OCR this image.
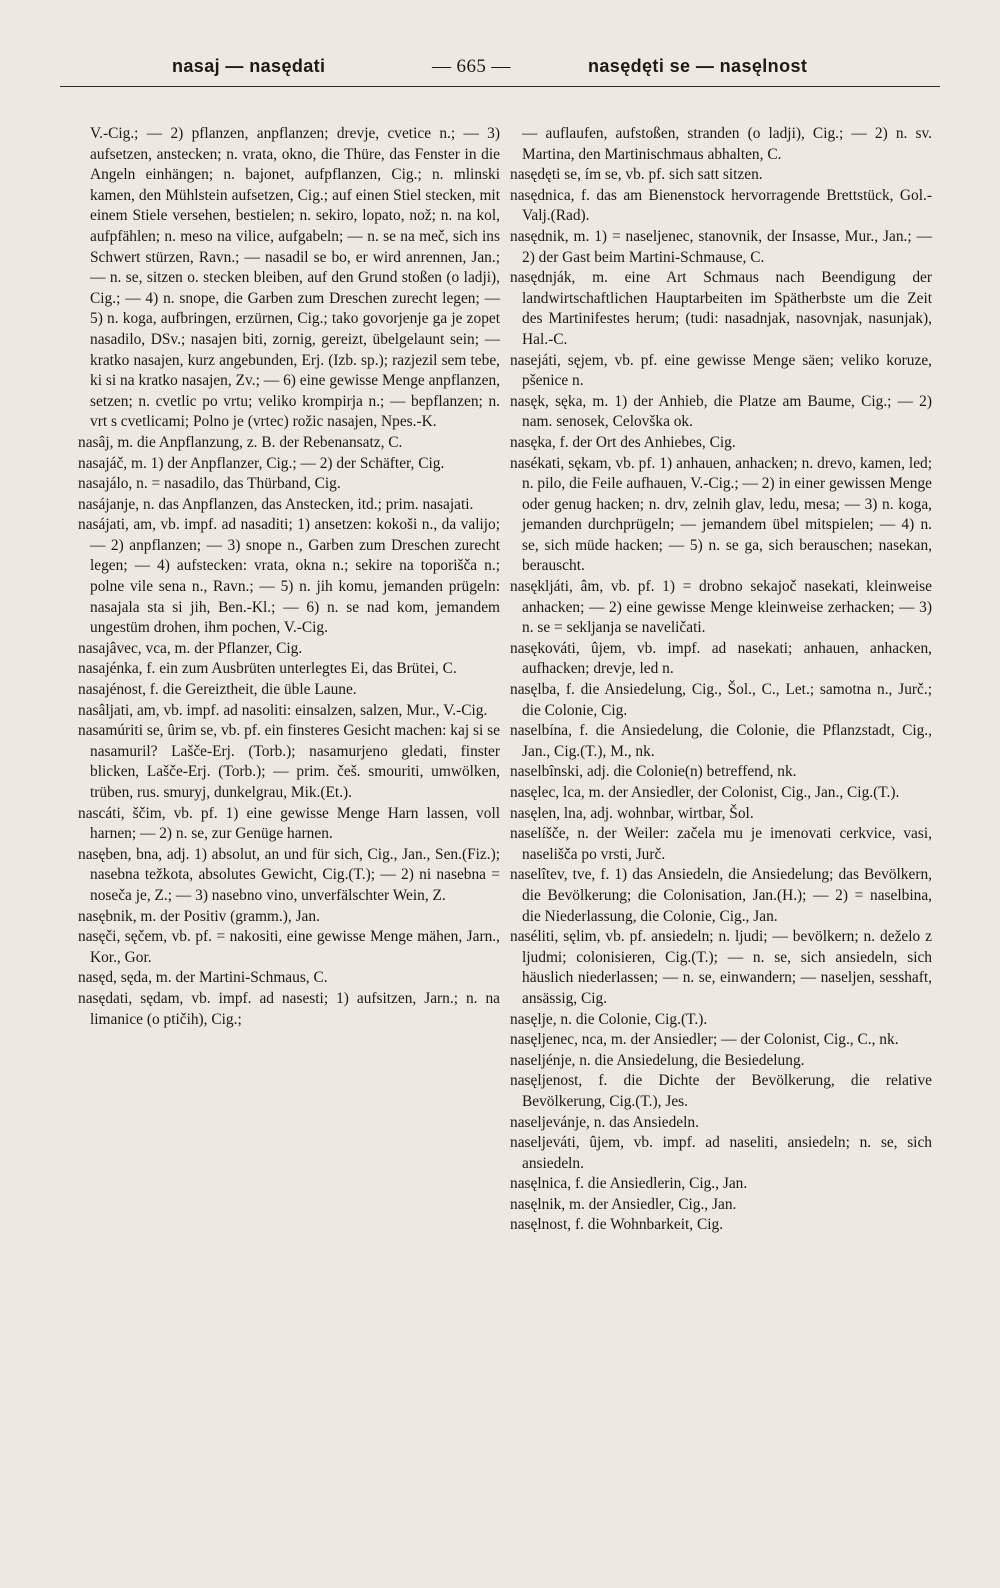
nasaj — nasędati	— 665 —	nasędęti se — nasęlnost

V.-Cig.; — 2) pflanzen, anpflanzen; drevje, cvetice n.; — 3) aufsetzen, anstecken; n. vrata, okno, die Thüre, das Fenster in die Angeln einhängen; n. bajonet, aufpflanzen, Cig.; n. mlinski kamen, den Mühlstein aufsetzen, Cig.; auf einen Stiel stecken, mit einem Stiele versehen, bestielen; n. sekiro, lopato, nož; n. na kol, aufpfählen; n. meso na vilice, aufgabeln; — n. se na meč, sich ins Schwert stürzen, Ravn.; — nasadil se bo, er wird anrennen, Jan.; — n. se, sitzen o. stecken bleiben, auf den Grund stoßen (o ladji), Cig.; — 4) n. snope, die Garben zum Dreschen zurecht legen; — 5) n. koga, aufbringen, erzürnen, Cig.; tako govorjenje ga je zopet nasadilo, DSv.; nasajen biti, zornig, gereizt, übelgelaunt sein; — kratko nasajen, kurz angebunden, Erj. (Izb. sp.); razjezil sem tebe, ki si na kratko nasajen, Zv.; — 6) eine gewisse Menge anpflanzen, setzen; n. cvetlic po vrtu; veliko krompirja n.; — bepflanzen; n. vrt s cvetlicami; Polno je (vrtec) rožic nasajen, Npes.-K.

nasâj, m. die Anpflanzung, z. B. der Rebenansatz, C.

nasajáč, m. 1) der Anpflanzer, Cig.; — 2) der Schäfter, Cig.

nasajálo, n. = nasadilo, das Thürband, Cig.

nasájanje, n. das Anpflanzen, das Anstecken, itd.; prim. nasajati.

nasájati, am, vb. impf. ad nasaditi; 1) ansetzen: kokoši n., da valijo; — 2) anpflanzen; — 3) snope n., Garben zum Dreschen zurecht legen; — 4) aufstecken: vrata, okna n.; sekire na toporišča n.; polne vile sena n., Ravn.; — 5) n. jih komu, jemanden prügeln: nasajala sta si jih, Ben.-Kl.; — 6) n. se nad kom, jemandem ungestüm drohen, ihm pochen, V.-Cig.

nasajâvec, vca, m. der Pflanzer, Cig.

nasajénka, f. ein zum Ausbrüten unterlegtes Ei, das Brütei, C.

nasajénost, f. die Gereiztheit, die üble Laune.

nasâljati, am, vb. impf. ad nasoliti: einsalzen, salzen, Mur., V.-Cig.

nasamúriti se, ûrim se, vb. pf. ein finsteres Gesicht machen: kaj si se nasamuril? Lašče-Erj. (Torb.); nasamurjeno gledati, finster blicken, Lašče-Erj. (Torb.); — prim. češ. smouriti, umwölken, trüben, rus. smuryj, dunkelgrau, Mik.(Et.).

nascáti, ščim, vb. pf. 1) eine gewisse Menge Harn lassen, voll harnen; — 2) n. se, zur Genüge harnen.

nasęben, bna, adj. 1) absolut, an und für sich, Cig., Jan., Sen.(Fiz.); nasebna težkota, absolutes Gewicht, Cig.(T.); — 2) ni nasebna = noseča je, Z.; — 3) nasebno vino, unverfälschter Wein, Z.

nasębnik, m. der Positiv (gramm.), Jan.

nasęči, sęčem, vb. pf. = nakositi, eine gewisse Menge mähen, Jarn., Kor., Gor.

nasęd, sęda, m. der Martini-Schmaus, C.

nasędati, sędam, vb. impf. ad nasesti; 1) aufsitzen, Jarn.; n. na limanice (o ptičih), Cig.;

— auflaufen, aufstoßen, stranden (o ladji), Cig.; — 2) n. sv. Martina, den Martinischmaus abhalten, C.

nasędęti se, ím se, vb. pf. sich satt sitzen.

nasędnica, f. das am Bienenstock hervorragende Brettstück, Gol.-Valj.(Rad).

nasędnik, m. 1) = naseljenec, stanovnik, der Insasse, Mur., Jan.; — 2) der Gast beim Martini-Schmause, C.

nasędnják, m. eine Art Schmaus nach Beendigung der landwirtschaftlichen Hauptarbeiten im Spätherbste um die Zeit des Martinifestes herum; (tudi: nasadnjak, nasovnjak, nasunjak), Hal.-C.

nasejáti, sęjem, vb. pf. eine gewisse Menge säen; veliko koruze, pšenice n.

nasęk, sęka, m. 1) der Anhieb, die Platze am Baume, Cig.; — 2) nam. senosek, Celovška ok.

nasęka, f. der Ort des Anhiebes, Cig.

nasékati, sękam, vb. pf. 1) anhauen, anhacken; n. drevo, kamen, led; n. pilo, die Feile aufhauen, V.-Cig.; — 2) in einer gewissen Menge oder genug hacken; n. drv, zelnih glav, ledu, mesa; — 3) n. koga, jemanden durchprügeln; — jemandem übel mitspielen; — 4) n. se, sich müde hacken; — 5) n. se ga, sich berauschen; nasekan, berauscht.

nasękljáti, âm, vb. pf. 1) = drobno sekajoč nasekati, kleinweise anhacken; — 2) eine gewisse Menge kleinweise zerhacken; — 3) n. se = sekljanja se naveličati.

nasękováti, ûjem, vb. impf. ad nasekati; anhauen, anhacken, aufhacken; drevje, led n.

nasęlba, f. die Ansiedelung, Cig., Šol., C., Let.; samotna n., Jurč.; die Colonie, Cig.

naselbína, f. die Ansiedelung, die Colonie, die Pflanzstadt, Cig., Jan., Cig.(T.), M., nk.

naselbînski, adj. die Colonie(n) betreffend, nk.

nasęlec, lca, m. der Ansiedler, der Colonist, Cig., Jan., Cig.(T.).

nasęlen, lna, adj. wohnbar, wirtbar, Šol.

naselíšče, n. der Weiler: začela mu je imenovati cerkvice, vasi, naselišča po vrsti, Jurč.

naselîtev, tve, f. 1) das Ansiedeln, die Ansiedelung; das Bevölkern, die Bevölkerung; die Colonisation, Jan.(H.); — 2) = naselbina, die Niederlassung, die Colonie, Cig., Jan.

naséliti, sęlim, vb. pf. ansiedeln; n. ljudi; — bevölkern; n. deželo z ljudmi; colonisieren, Cig.(T.); — n. se, sich ansiedeln, sich häuslich niederlassen; — n. se, einwandern; — naseljen, sesshaft, ansässig, Cig.

nasęlje, n. die Colonie, Cig.(T.).

nasęljenec, nca, m. der Ansiedler; — der Colonist, Cig., C., nk.

naseljénje, n. die Ansiedelung, die Besiedelung.

nasęljenost, f. die Dichte der Bevölkerung, die relative Bevölkerung, Cig.(T.), Jes.

naseljevánje, n. das Ansiedeln.

naseljeváti, ûjem, vb. impf. ad naseliti, ansiedeln; n. se, sich ansiedeln.

nasęlnica, f. die Ansiedlerin, Cig., Jan.

nasęlnik, m. der Ansiedler, Cig., Jan.

nasęlnost, f. die Wohnbarkeit, Cig.
